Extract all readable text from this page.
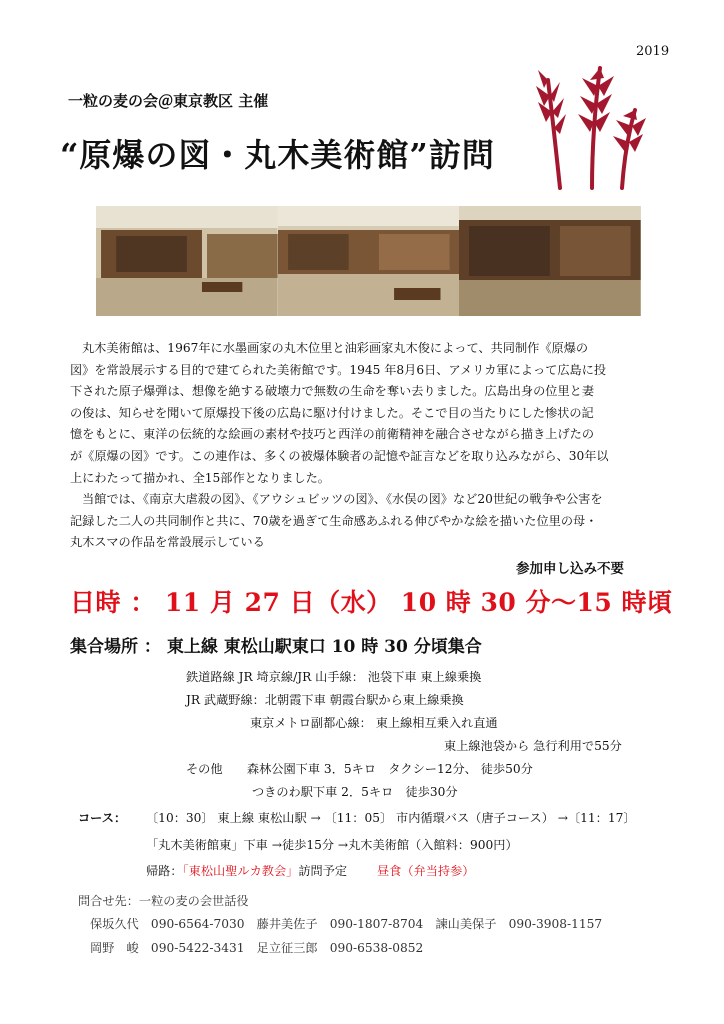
2019
一粒の麦の会＠東京教区 主催
“原爆の図・丸木美術館”訪問

丸木美術館は、1967年に水墨画家の丸木位里と油彩画家丸木俊によって、共同制作《原爆の

図》を常設展示する目的で建てられた美術館です。1945 年8月6日、アメリカ軍によって広島に投

下された原子爆弾は、想像を絶する破壊力で無数の生命を奪い去りました。広島出身の位里と妻

の俊は、知らせを聞いて原爆投下後の広島に駆け付けました。そこで目の当たりにした惨状の記

憶をもとに、東洋の伝統的な絵画の素材や技巧と西洋の前衛精神を融合させながら描き上げたの

が《原爆の図》です。この連作は、多くの被爆体験者の記憶や証言などを取り込みながら、30年以

上にわたって描かれ、全15部作となりました。

当館では、《南京大虐殺の図》、《アウシュビッツの図》、《水俣の図》など20世紀の戦争や公害を

記録した二人の共同制作と共に、70歳を過ぎて生命感あふれる伸びやかな絵を描いた位里の母・

丸木スマの作品を常設展示している

参加申し込み不要
日時 ： 11 月 27 日（水） 10 時 30 分～15 時頃
集合場所 ： 東上線 東松山駅東口 10 時 30 分頃集合
鉄道路線 JR 埼京線/JR 山手線： 池袋下車 東上線乗換
JR 武蔵野線：北朝霞下車 朝霞台駅から東上線乗換
東京メトロ副都心線： 東上線相互乗入れ直通
東上線池袋から 急行利用で55分
その他　　森林公園下車 3．5キロ　タクシー12分、 徒歩50分
つきのわ駅下車 2．5キロ　徒歩30分
コース： 〔10：30〕 東上線 東松山駅 → 〔11：05〕 市内循環バス（唐子コース） →〔11：17〕
「丸木美術館東」下車 →徒歩15分 →丸木美術館（入館料：900円）
帰路：「東松山聖ルカ教会」訪問予定 昼食（弁当持参）
問合せ先：一粒の麦の会世話役
保坂久代　090-6564-7030　藤井美佐子　090-1807-8704　諫山美保子　090-3908-1157
岡野　峻　090-5422-3431　足立征三郎　090-6538-0852
